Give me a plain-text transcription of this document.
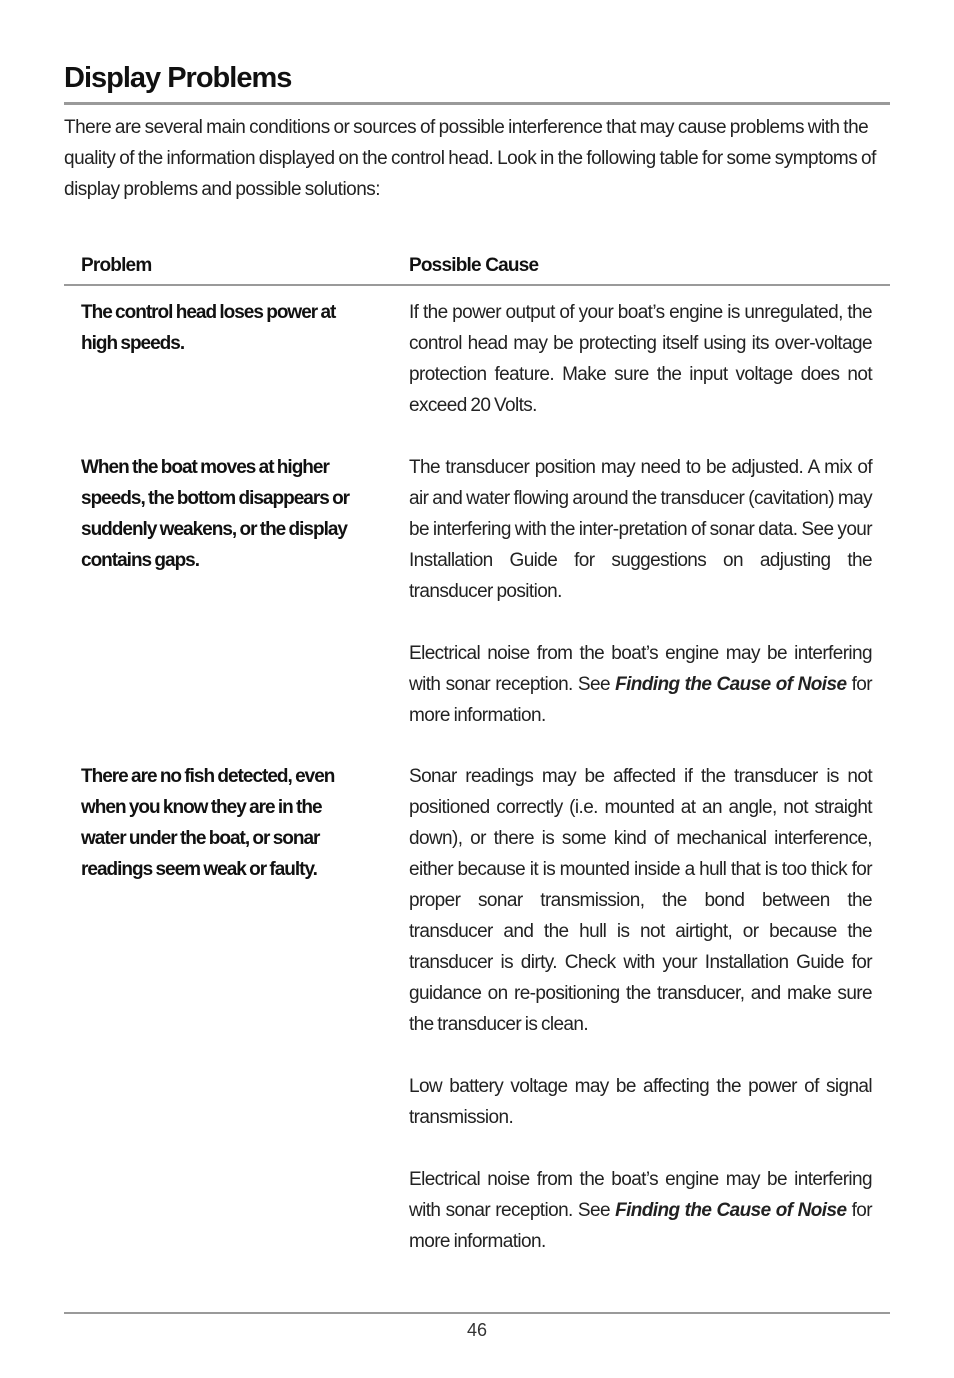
Display Problems

There are several main conditions or sources of possible interference that may cause problems with the quality of the information displayed on the control head. Look in the following table for some symptoms of display problems and possible solutions:

Problem	Possible Cause

The control head loses power at high speeds.

If the power output of your boat’s engine is unregulated, the control head may be protecting itself using its over-voltage protection feature. Make sure the input voltage does not exceed 20 Volts.

When the boat moves at higher speeds, the bottom disappears or suddenly weakens, or the display contains gaps.

The transducer position may need to be adjusted. A mix of air and water flowing around the transducer (cavitation) may be interfering with the inter-pretation of sonar data. See your Installation Guide for suggestions on adjusting the transducer position.

Electrical noise from the boat’s engine may be interfering with sonar reception. See Finding the Cause of Noise for more information.

There are no fish detected, even when you know they are in the water under the boat, or sonar readings seem weak or faulty.

Sonar readings may be affected if the transducer is not positioned correctly (i.e. mounted at an angle, not straight down), or there is some kind of mechanical interference, either because it is mounted inside a hull that is too thick for proper sonar transmission, the bond between the transducer and the hull is not airtight, or because the transducer is dirty. Check with your Installation Guide for guidance on re-positioning the transducer, and make sure the transducer is clean.

Low battery voltage may be affecting the power of signal transmission.

Electrical noise from the boat’s engine may be interfering with sonar reception. See Finding the Cause of Noise for more information.

46
